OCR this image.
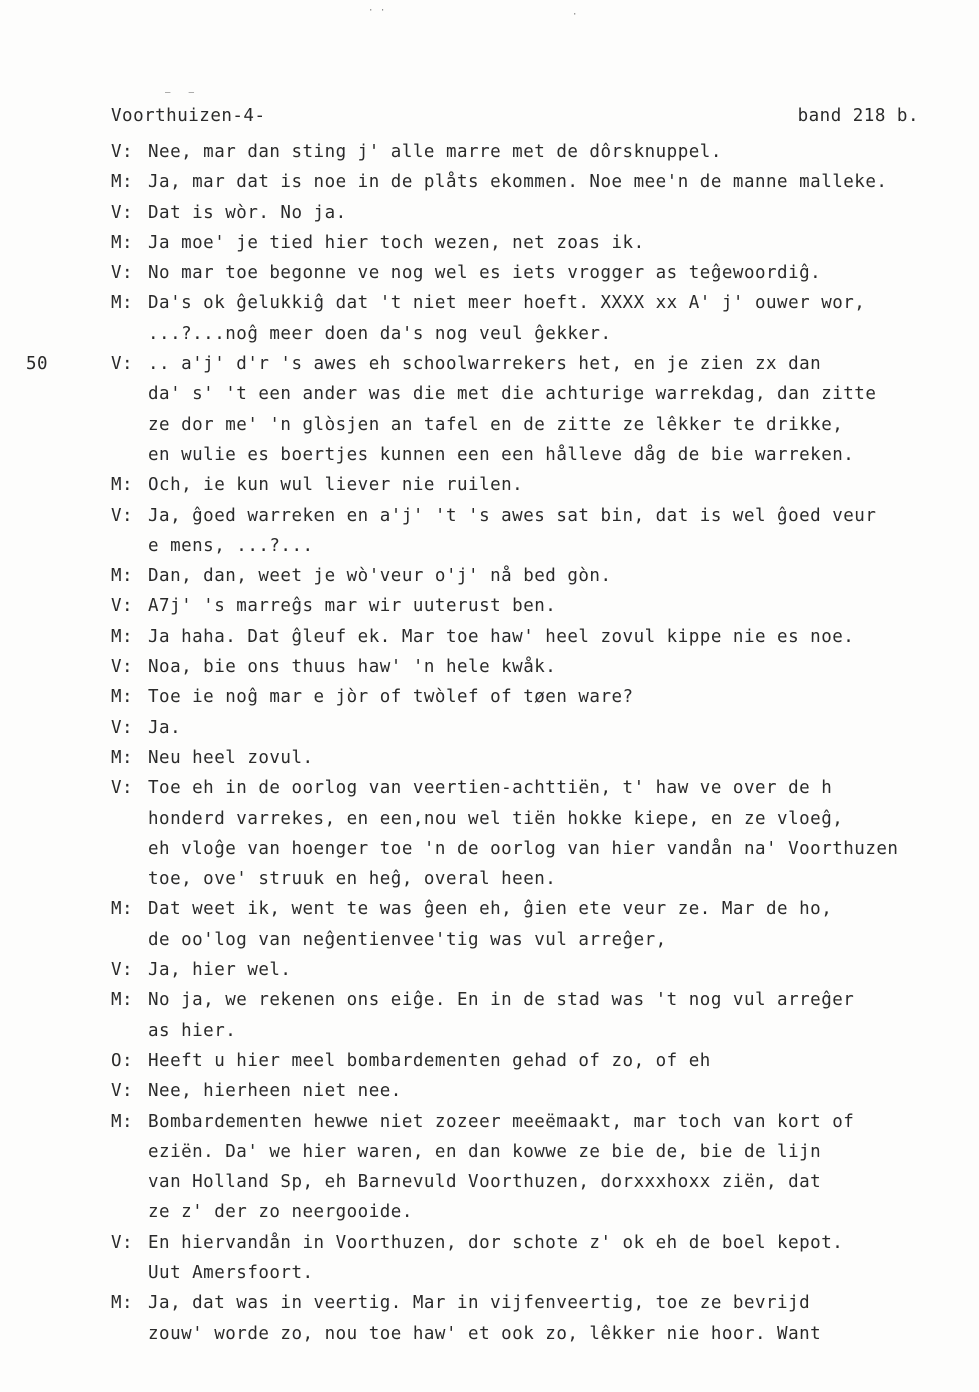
· ·	·
—   —
Voorthuizen-4-	band 218 b.
50
V: Nee, mar dan sting j' alle marre met de dôrsknuppel.
M: Ja, mar dat is noe in de plåts ekommen. Noe mee'n de manne malleke.
V: Dat is wòr. No ja.
M: Ja moe' je tied hier toch wezen, net zoas ik.
V: No mar toe begonne ve nog wel es iets vrogger as teĝewoordiĝ.
M: Da's ok ĝelukkiĝ dat 't niet meer hoeft. XXXX xx A' j' ouwer wor,
...?...noĝ meer doen da's nog veul ĝekker.
V: .. a'j' d'r 's awes eh schoolwarrekers het, en je zien zx dan
da' s' 't een ander was die met die achturige warrekdag, dan zitte
ze dor me' 'n glòsjen an tafel en de zitte ze lêkker te drikke,
en wulie es boertjes kunnen een een hålleve dåg de bie warreken.
M: Och, ie kun wul liever nie ruilen.
V: Ja, ĝoed warreken en a'j' 't 's awes sat bin, dat is wel ĝoed veur
e mens, ...?...
M: Dan, dan, weet je wò'veur o'j' nå bed gòn.
V: A7j' 's marreĝs mar wir uuterust ben.
M: Ja haha. Dat ĝleuf ek. Mar toe haw' heel zovul kippe nie es noe.
V: Noa, bie ons thuus haw' 'n hele kwåk.
M: Toe ie noĝ mar e jòr of twòlef of tøen ware?
V: Ja.
M: Neu heel zovul.
V: Toe eh in de oorlog van veertien-achttiën, t' haw ve over de h
honderd varrekes, en een,nou wel tiën hokke kiepe, en ze vloeĝ,
eh vloĝe van hoenger toe 'n de oorlog van hier vandån na' Voorthuzen
toe, ove' struuk en heĝ, overal heen.
M: Dat weet ik, went te was ĝeen eh, ĝien ete veur ze. Mar de ho,
de oo'log van neĝentienvee'tig was vul arreĝer,
V: Ja, hier wel.
M: No ja, we rekenen ons eiĝe. En in de stad was 't nog vul arreĝer
as hier.
O: Heeft u hier meel bombardementen gehad of zo, of eh
V: Nee, hierheen niet nee.
M: Bombardementen hewwe niet zozeer meeëmaakt, mar toch van kort of
eziën. Da' we hier waren, en dan kowwe ze bie de, bie de lijn
van Holland Sp, eh Barnevuld Voorthuzen, dorxxxhoxx ziën, dat
ze z' der zo neergooide.
V: En hiervandån in Voorthuzen, dor schote z' ok eh de boel kepot.
Uut Amersfoort.
M: Ja, dat was in veertig. Mar in vijfenveertig, toe ze bevrijd
zouw' worde zo, nou toe haw' et ook zo, lêkker nie hoor. Want
